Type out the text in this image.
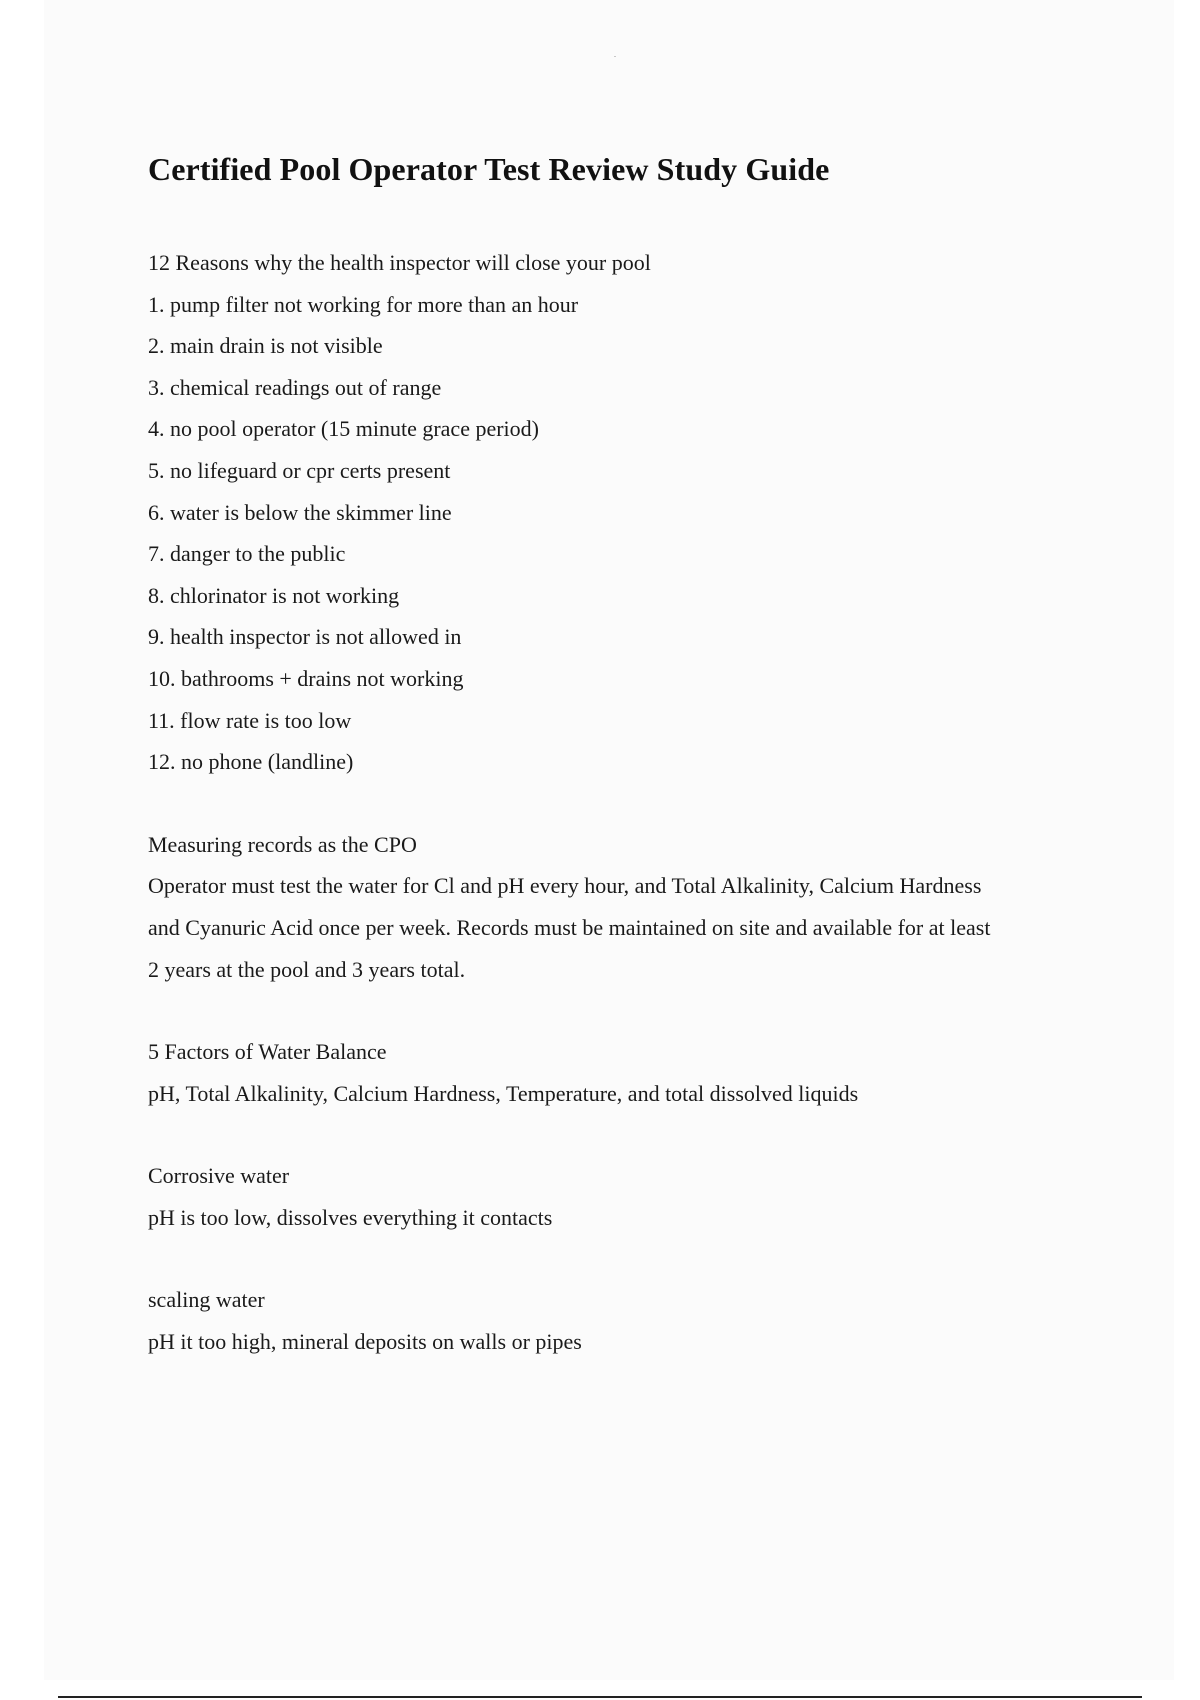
Certified Pool Operator Test Review Study Guide
12 Reasons why the health inspector will close your pool
1. pump filter not working for more than an hour
2. main drain is not visible
3. chemical readings out of range
4. no pool operator (15 minute grace period)
5. no lifeguard or cpr certs present
6. water is below the skimmer line
7. danger to the public
8. chlorinator is not working
9. health inspector is not allowed in
10. bathrooms + drains not working
11. flow rate is too low
12. no phone (landline)
Measuring records as the CPO
Operator must test the water for Cl and pH every hour, and Total Alkalinity, Calcium Hardness
and Cyanuric Acid once per week. Records must be maintained on site and available for at least
2 years at the pool and 3 years total.
5 Factors of Water Balance
pH, Total Alkalinity, Calcium Hardness, Temperature, and total dissolved liquids
Corrosive water
pH is too low, dissolves everything it contacts
scaling water
pH it too high, mineral deposits on walls or pipes
